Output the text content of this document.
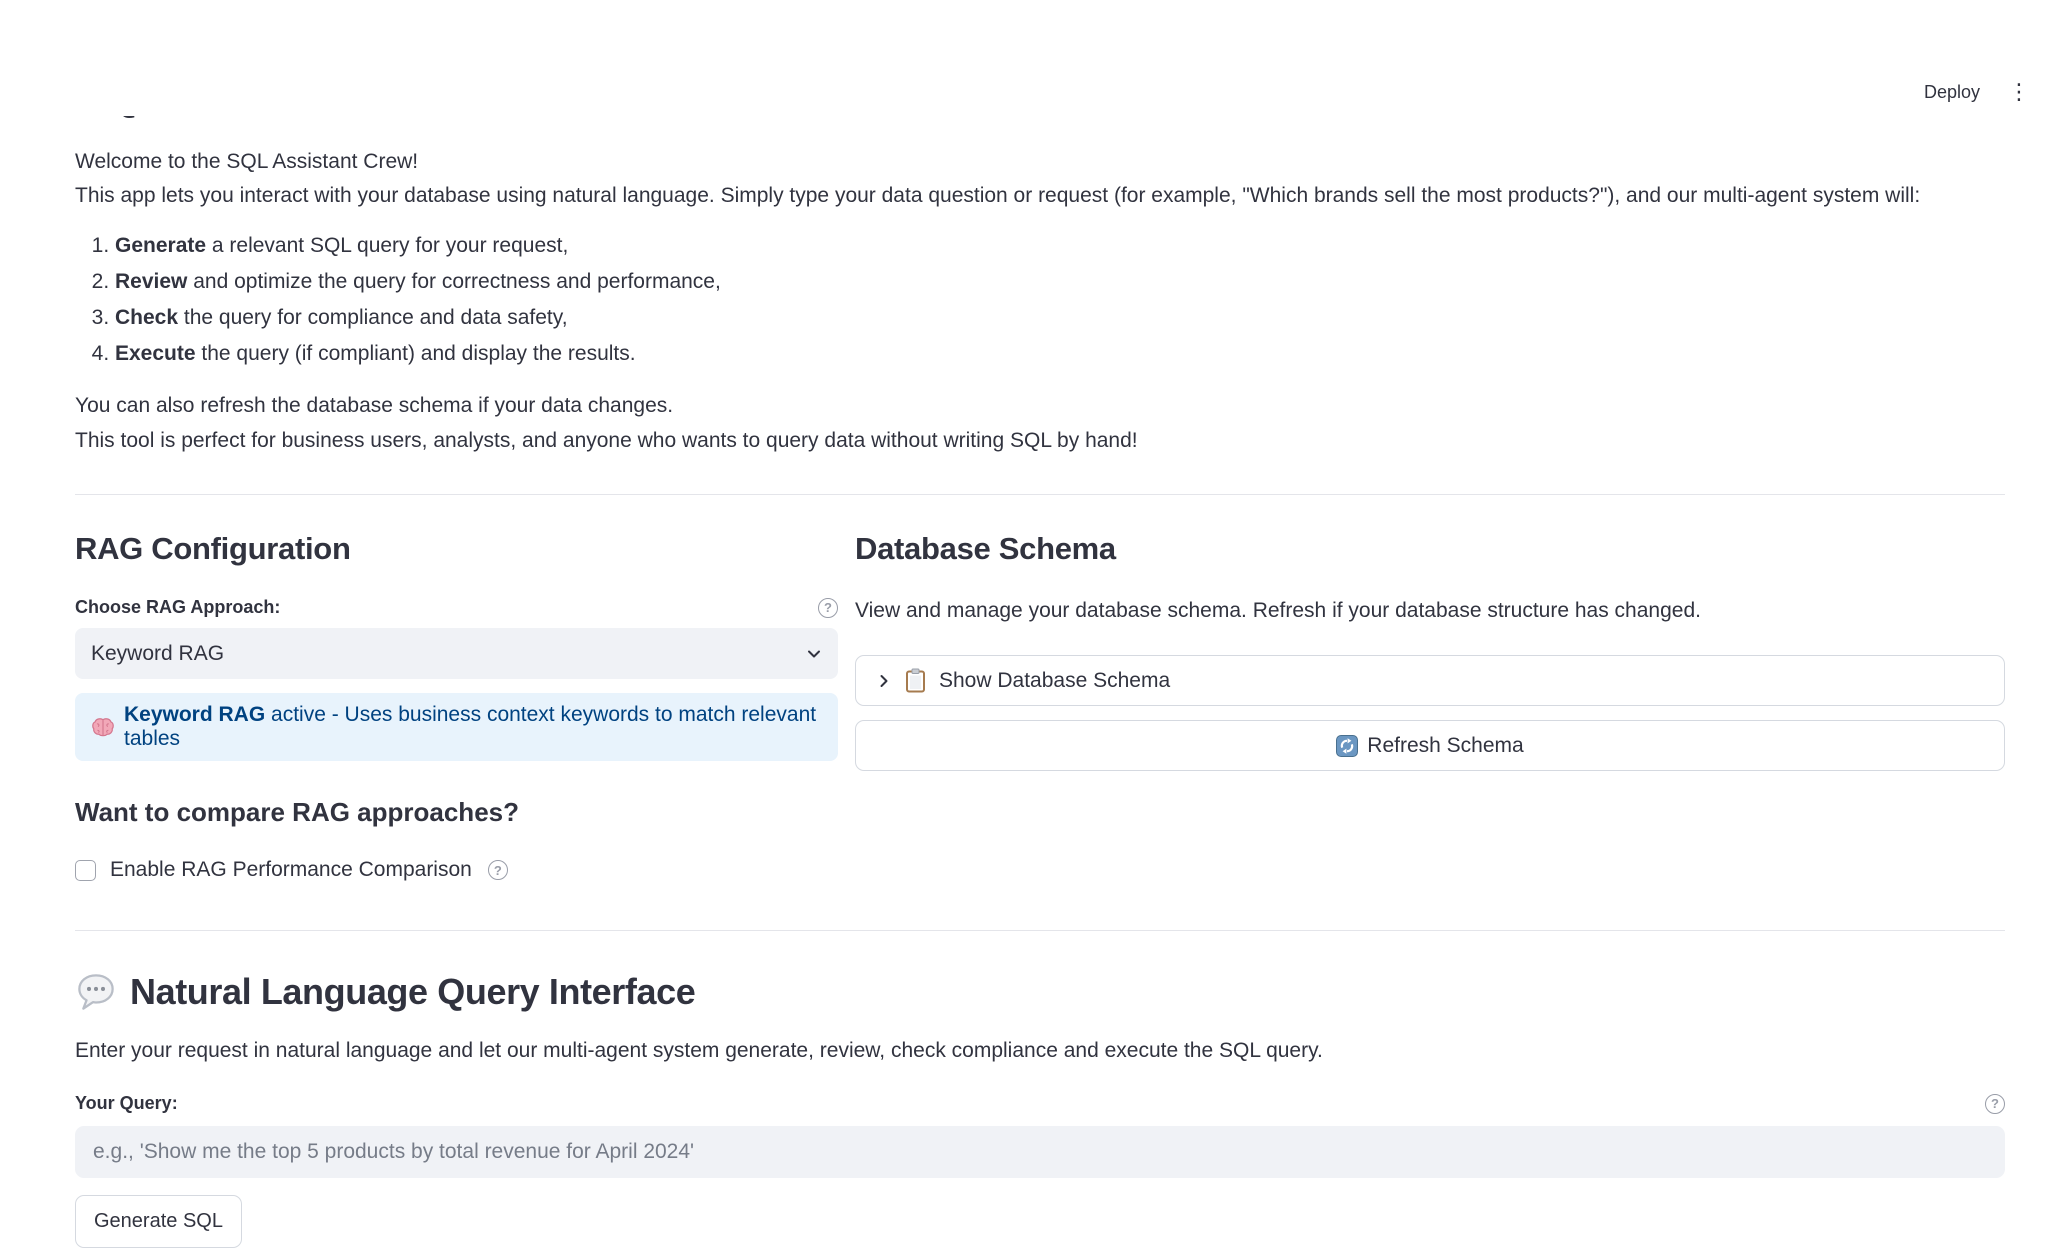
Deploy	⋮

Welcome to the SQL Assistant Crew!

This app lets you interact with your database using natural language. Simply type your data question or request (for example, "Which brands sell the most products?"), and our multi-agent system will:

1. Generate a relevant SQL query for your request,
2. Review and optimize the query for correctness and performance,
3. Check the query for compliance and data safety,
4. Execute the query (if compliant) and display the results.

You can also refresh the database schema if your data changes.

This tool is perfect for business users, analysts, and anyone who wants to query data without writing SQL by hand!

RAG Configuration
Choose RAG Approach:	?
Keyword RAG
Keyword RAG active - Uses business context keywords to match relevant tables
Want to compare RAG approaches?
Enable RAG Performance Comparison	?
Database Schema

View and manage your database schema. Refresh if your database structure has changed.

Show Database Schema
Refresh Schema
Natural Language Query Interface

Enter your request in natural language and let our multi-agent system generate, review, check compliance and execute the SQL query.

Your Query:	?
e.g., 'Show me the top 5 products by total revenue for April 2024' Generate SQL
